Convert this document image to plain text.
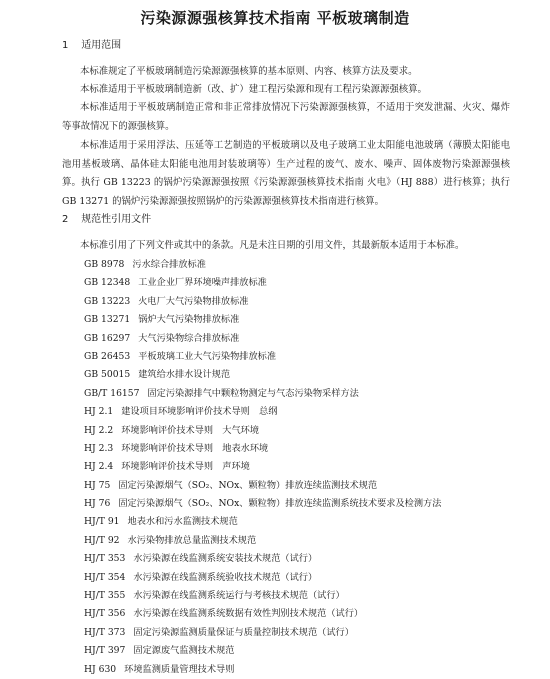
污染源源强核算技术指南 平板玻璃制造
1 适用范围

本标准规定了平板玻璃制造污染源源强核算的基本原则、内容、核算方法及要求。

本标准适用于平板玻璃制造新（改、扩）建工程污染源和现有工程污染源源强核算。

本标准适用于平板玻璃制造正常和非正常排放情况下污染源源强核算，不适用于突发泄漏、火灾、爆炸等事故情况下的源强核算。

本标准适用于采用浮法、压延等工艺制造的平板玻璃以及电子玻璃工业太阳能电池玻璃（薄膜太阳能电池用基板玻璃、晶体硅太阳能电池用封装玻璃等）生产过程的废气、废水、噪声、固体废物污染源源强核算。执行 GB 13223 的锅炉污染源源强按照《污染源源强核算技术指南 火电》（HJ 888）进行核算；执行 GB 13271 的锅炉污染源源强按照锅炉的污染源源强核算技术指南进行核算。

2 规范性引用文件

本标准引用了下列文件或其中的条款。凡是未注日期的引用文件，其最新版本适用于本标准。

GB 8978 污水综合排放标准
GB 12348 工业企业厂界环境噪声排放标准
GB 13223 火电厂大气污染物排放标准
GB 13271 锅炉大气污染物排放标准
GB 16297 大气污染物综合排放标准
GB 26453 平板玻璃工业大气污染物排放标准
GB 50015 建筑给水排水设计规范
GB/T 16157 固定污染源排气中颗粒物测定与气态污染物采样方法
HJ 2.1 建设项目环境影响评价技术导则　总纲
HJ 2.2 环境影响评价技术导则　大气环境
HJ 2.3 环境影响评价技术导则　地表水环境
HJ 2.4 环境影响评价技术导则　声环境
HJ 75 固定污染源烟气（SO₂、NOx、颗粒物）排放连续监测技术规范
HJ 76 固定污染源烟气（SO₂、NOx、颗粒物）排放连续监测系统技术要求及检测方法
HJ/T 91 地表水和污水监测技术规范
HJ/T 92 水污染物排放总量监测技术规范
HJ/T 353 水污染源在线监测系统安装技术规范（试行）
HJ/T 354 水污染源在线监测系统验收技术规范（试行）
HJ/T 355 水污染源在线监测系统运行与考核技术规范（试行）
HJ/T 356 水污染源在线监测系统数据有效性判别技术规范（试行）
HJ/T 373 固定污染源监测质量保证与质量控制技术规范（试行）
HJ/T 397 固定源废气监测技术规范
HJ 630 环境监测质量管理技术导则
